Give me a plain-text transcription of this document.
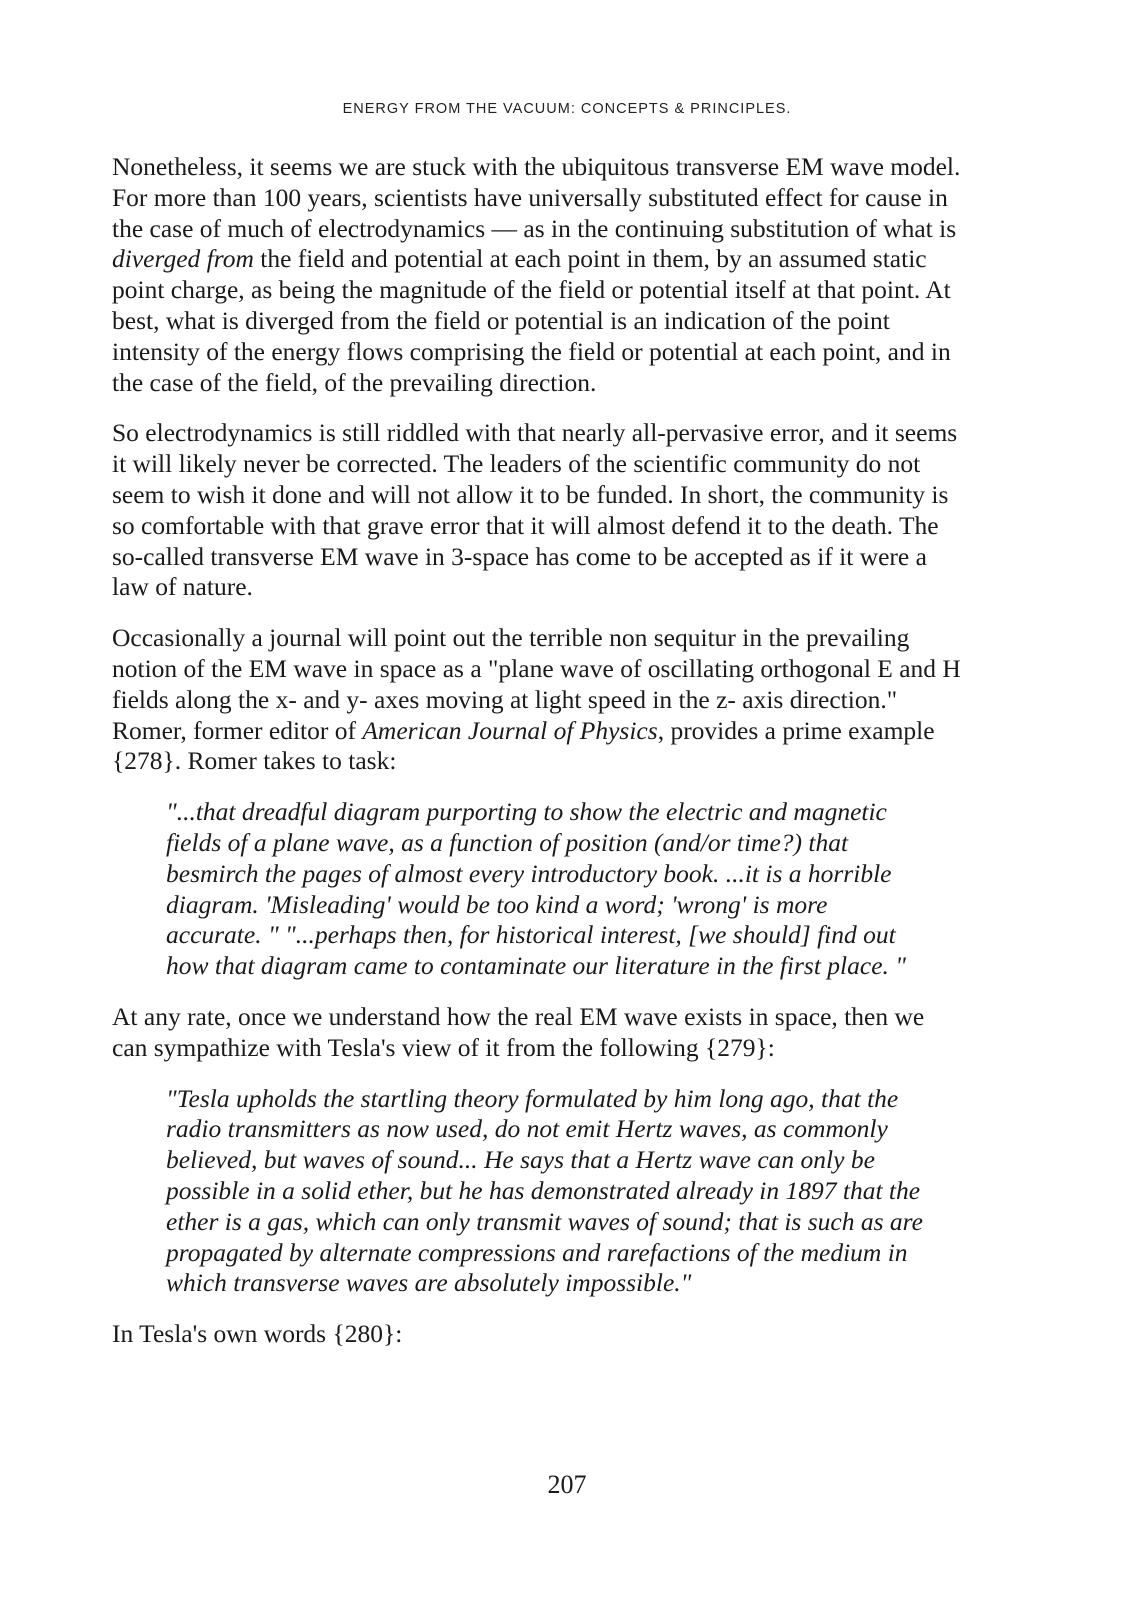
ENERGY FROM THE VACUUM: CONCEPTS & PRINCIPLES.

Nonetheless, it seems we are stuck with the ubiquitous transverse EM wave model. For more than 100 years, scientists have universally substituted effect for cause in the case of much of electrodynamics — as in the continuing substitution of what is diverged from the field and potential at each point in them, by an assumed static point charge, as being the magnitude of the field or potential itself at that point. At best, what is diverged from the field or potential is an indication of the point intensity of the energy flows comprising the field or potential at each point, and in the case of the field, of the prevailing direction.

So electrodynamics is still riddled with that nearly all-pervasive error, and it seems it will likely never be corrected. The leaders of the scientific community do not seem to wish it done and will not allow it to be funded. In short, the community is so comfortable with that grave error that it will almost defend it to the death. The so-called transverse EM wave in 3-space has come to be accepted as if it were a law of nature.

Occasionally a journal will point out the terrible non sequitur in the prevailing notion of the EM wave in space as a "plane wave of oscillating orthogonal E and H fields along the x- and y- axes moving at light speed in the z- axis direction." Romer, former editor of American Journal of Physics, provides a prime example {278}. Romer takes to task:

"...that dreadful diagram purporting to show the electric and magnetic fields of a plane wave, as a function of position (and/or time?) that besmirch the pages of almost every introductory book. ...it is a horrible diagram. 'Misleading' would be too kind a word; 'wrong' is more accurate. " "...perhaps then, for historical interest, [we should] find out how that diagram came to contaminate our literature in the first place. "

At any rate, once we understand how the real EM wave exists in space, then we can sympathize with Tesla's view of it from the following {279}:

"Tesla upholds the startling theory formulated by him long ago, that the radio transmitters as now used, do not emit Hertz waves, as commonly believed, but waves of sound... He says that a Hertz wave can only be possible in a solid ether, but he has demonstrated already in 1897 that the ether is a gas, which can only transmit waves of sound; that is such as are propagated by alternate compressions and rarefactions of the medium in which transverse waves are absolutely impossible."

In Tesla's own words {280}:

207
